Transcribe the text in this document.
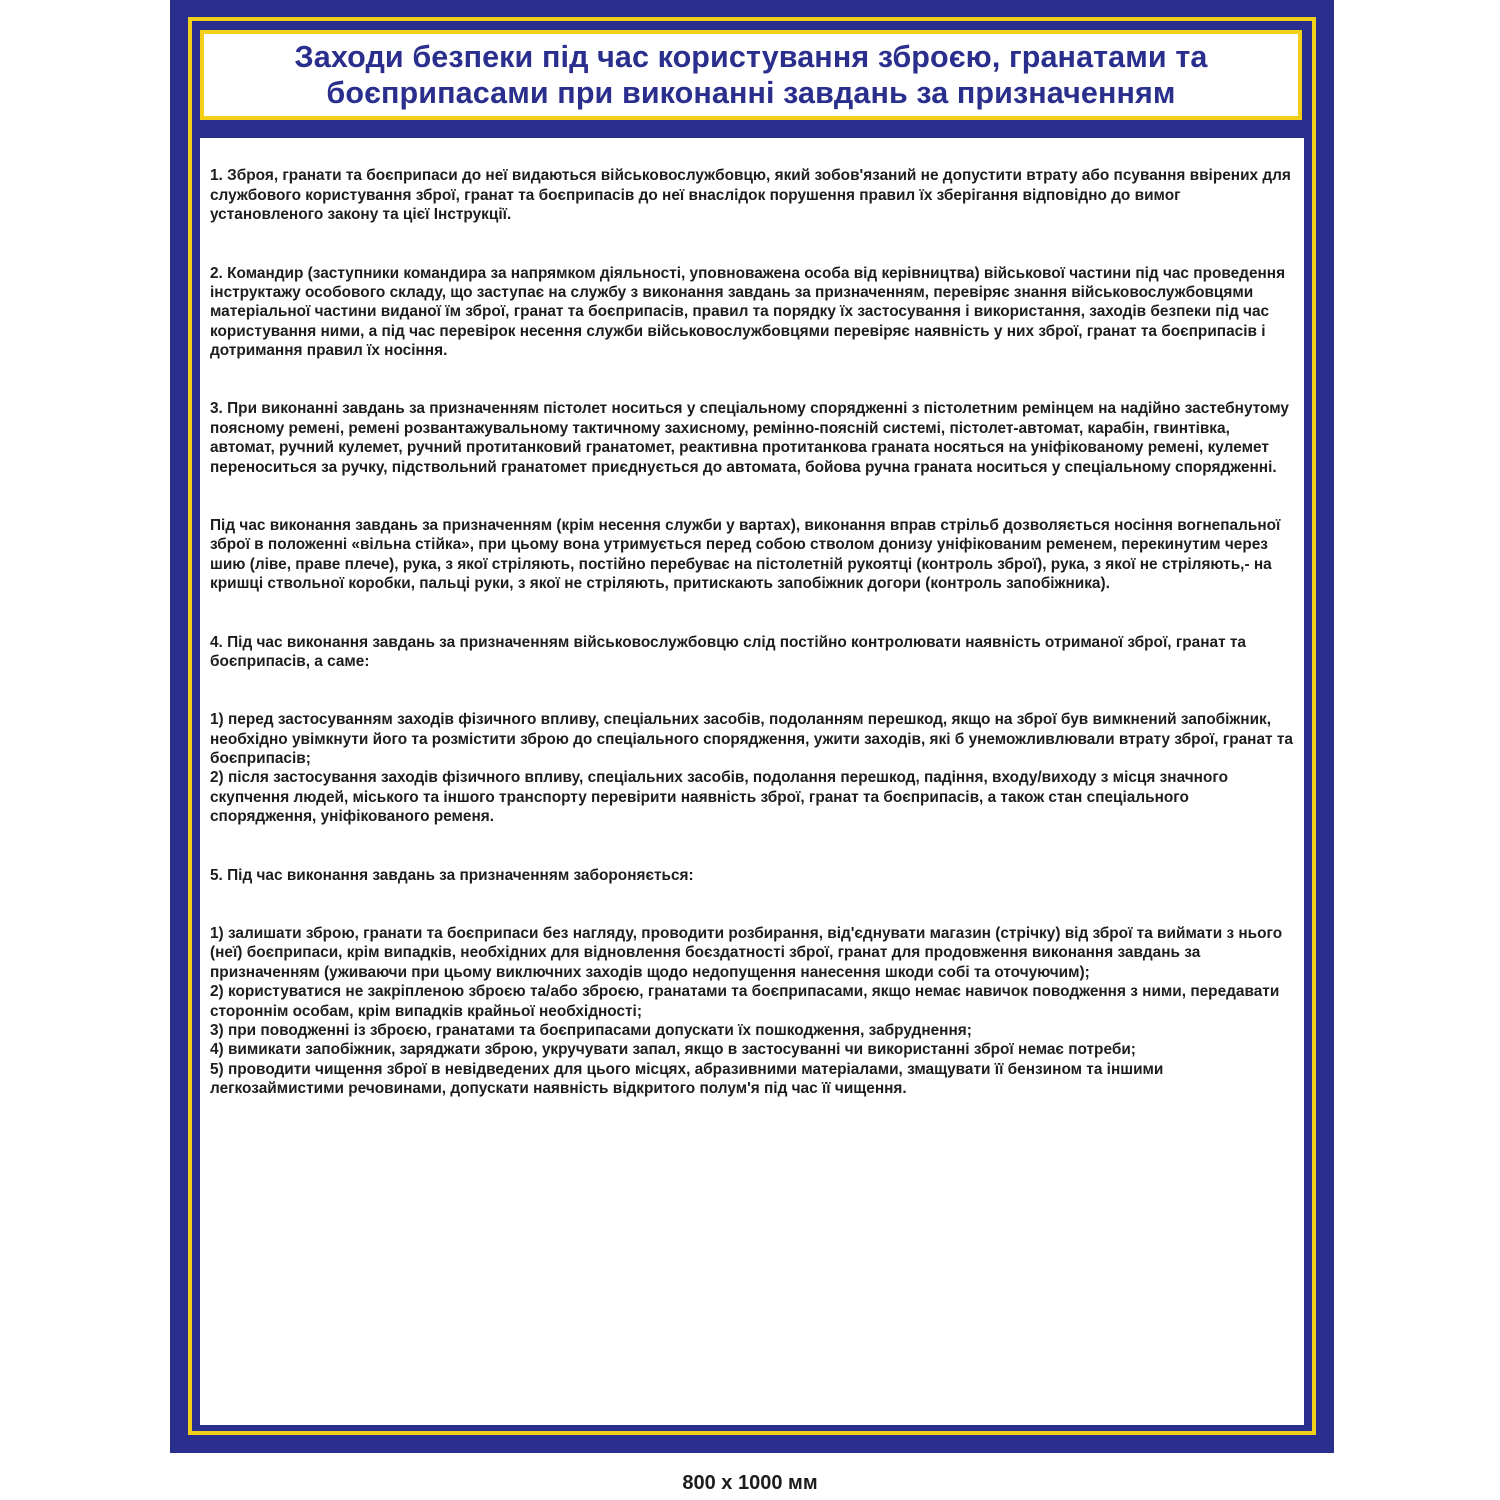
Заходи безпеки під час користування зброєю, гранатами та боєприпасами при виконанні завдань за призначенням

1. Зброя, гранати та боєприпаси до неї видаються військовослужбовцю, який зобов'язаний не допустити втрату або псування ввірених для службового користування зброї, гранат та боєприпасів до неї внаслідок порушення правил їх зберігання відповідно до вимог установленого закону та цієї Інструкції.

2. Командир (заступники командира за напрямком діяльності, уповноважена особа від керівництва) військової частини під час проведення інструктажу особового складу, що заступає на службу з виконання завдань за призначенням, перевіряє знання військовослужбовцями матеріальної частини виданої їм зброї, гранат та боєприпасів, правил та порядку їх застосування і використання, заходів безпеки під час користування ними, а під час перевірок несення служби військовослужбовцями перевіряє наявність у них зброї, гранат та боєприпасів і дотримання правил їх носіння.

3. При виконанні завдань за призначенням пістолет носиться у спеціальному спорядженні з пістолетним ремінцем на надійно застебнутому поясному ремені, ремені розвантажувальному тактичному захисному, ремінно-поясній системі, пістолет-автомат, карабін, гвинтівка, автомат, ручний кулемет, ручний протитанковий гранатомет, реактивна протитанкова граната носяться на уніфікованому ремені, кулемет переноситься за ручку, підствольний гранатомет приєднується до автомата, бойова ручна граната носиться у спеціальному спорядженні.

Під час виконання завдань за призначенням (крім несення служби у вартах), виконання вправ стрільб дозволяється носіння вогнепальної зброї в положенні «вільна стійка», при цьому вона утримується перед собою стволом донизу уніфікованим ременем, перекинутим через шию (ліве, праве плече), рука, з якої стріляють, постійно перебуває на пістолетній рукоятці (контроль зброї), рука, з якої не стріляють,- на кришці ствольної коробки, пальці руки, з якої не стріляють, притискають запобіжник догори (контроль запобіжника).

4. Під час виконання завдань за призначенням військовослужбовцю слід постійно контролювати наявність отриманої зброї, гранат та боєприпасів, а саме:

1) перед застосуванням заходів фізичного впливу, спеціальних засобів, подоланням перешкод, якщо на зброї був вимкнений запобіжник, необхідно увімкнути його та розмістити зброю до спеціального спорядження, ужити заходів, які б унеможливлювали втрату зброї, гранат та боєприпасів;
2) після застосування заходів фізичного впливу, спеціальних засобів, подолання перешкод, падіння, входу/виходу з місця значного скупчення людей, міського та іншого транспорту перевірити наявність зброї, гранат та боєприпасів, а також стан спеціального спорядження, уніфікованого ременя.

5. Під час виконання завдань за призначенням забороняється:

1) залишати зброю, гранати та боєприпаси без нагляду, проводити розбирання, від'єднувати магазин (стрічку) від зброї та виймати з нього (неї) боєприпаси, крім випадків, необхідних для відновлення боєздатності зброї, гранат для продовження виконання завдань за призначенням (уживаючи при цьому виключних заходів щодо недопущення нанесення шкоди собі та оточуючим);
2) користуватися не закріпленою зброєю та/або зброєю, гранатами та боєприпасами, якщо немає навичок поводження з ними, передавати стороннім особам, крім випадків крайньої необхідності;
3) при поводженні із зброєю, гранатами та боєприпасами допускати їх пошкодження, забруднення;
4) вимикати запобіжник, заряджати зброю, укручувати запал, якщо в застосуванні чи використанні зброї немає потреби;
5) проводити чищення зброї в невідведених для цього місцях, абразивними матеріалами, змащувати її бензином та іншими легкозаймистими речовинами, допускати наявність відкритого полум'я під час її чищення.

800 х 1000 мм
